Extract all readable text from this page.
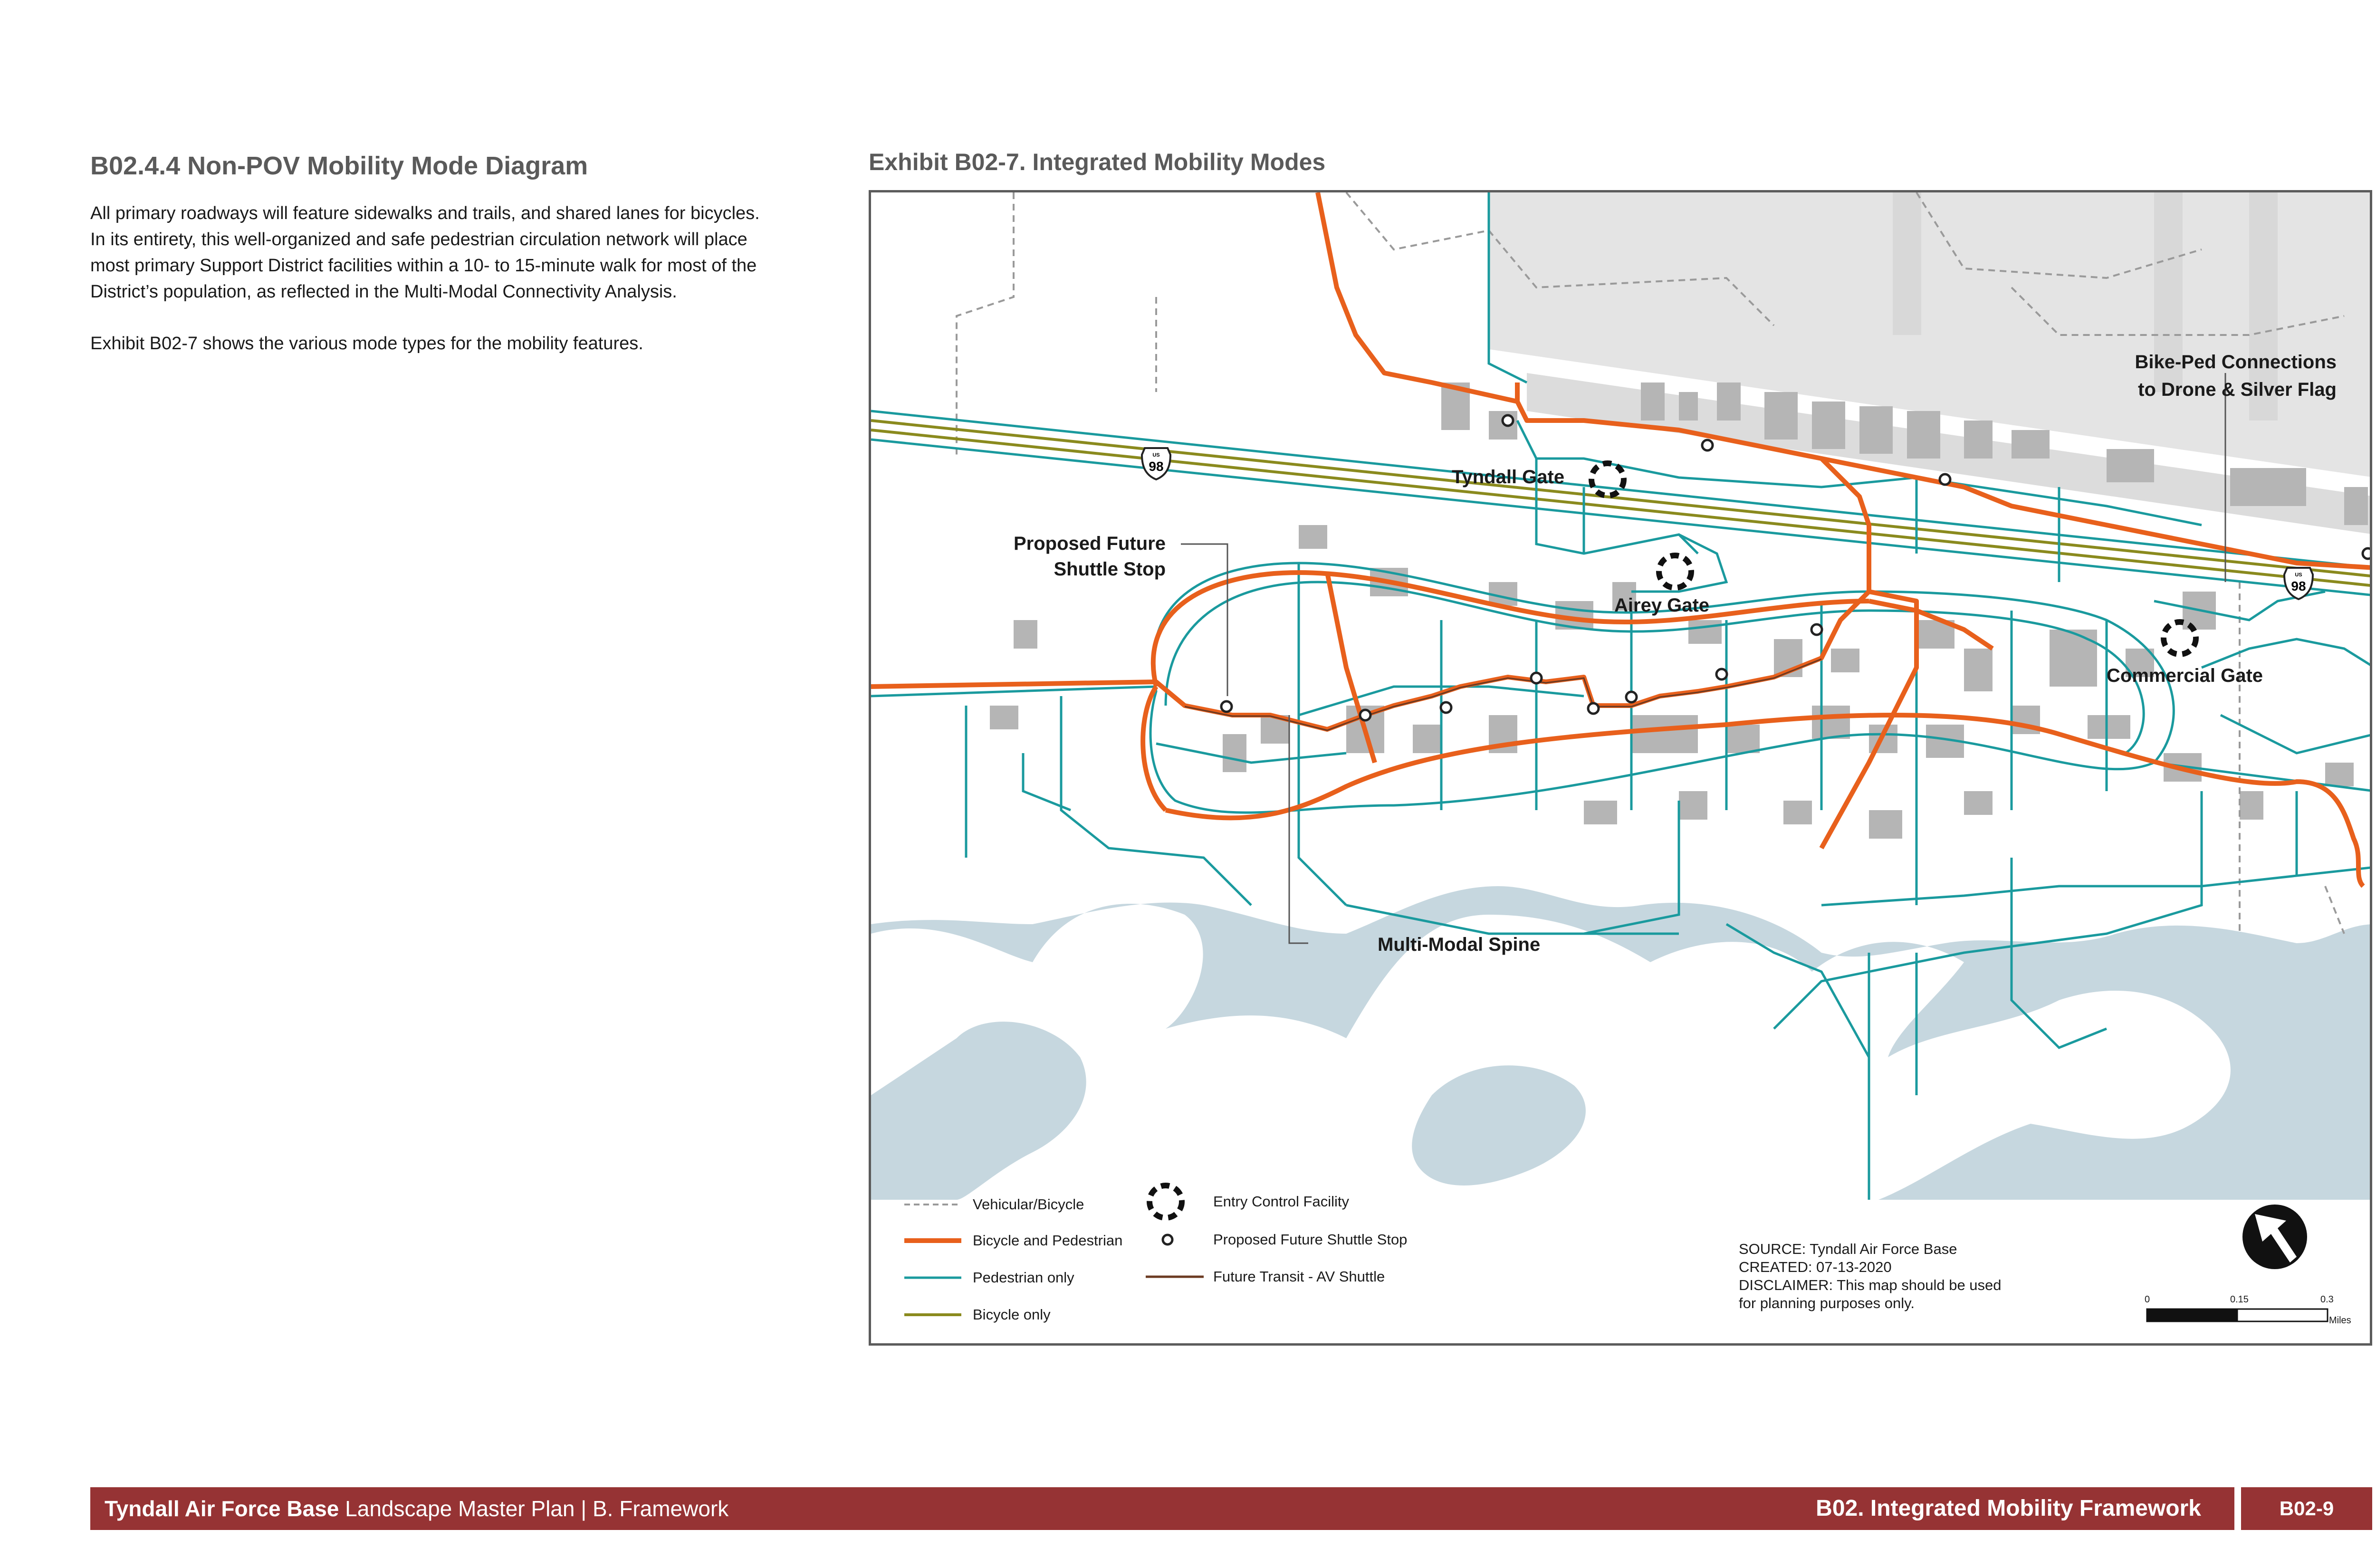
B02.4.4 Non-POV Mobility Mode Diagram

All primary roadways will feature sidewalks and trails, and shared lanes for bicycles. In its entirety, this well-organized and safe pedestrian circulation network will place most primary Support District facilities within a 10- to 15-minute walk for most of the District’s population, as reflected in the Multi-Modal Connectivity Analysis.

Exhibit B02-7 shows the various mode types for the mobility features.

Exhibit B02-7. Integrated Mobility Modes
US
98
US
98
Proposed Future
Shuttle Stop
Tyndall Gate
Airey Gate
Commercial Gate
Bike-Ped Connections
to Drone & Silver Flag
Multi-Modal Spine
Vehicular/Bicycle
Bicycle and Pedestrian
Pedestrian only
Bicycle only
Entry Control Facility
Proposed Future Shuttle Stop
Future Transit - AV Shuttle
SOURCE: Tyndall Air Force Base
CREATED: 07-13-2020
DISCLAIMER: This map should be used
for planning purposes only.	0	0.15	0.3
Miles
Tyndall Air Force Base Landscape Master Plan | B. Framework	B02. Integrated Mobility Framework	B02-9
